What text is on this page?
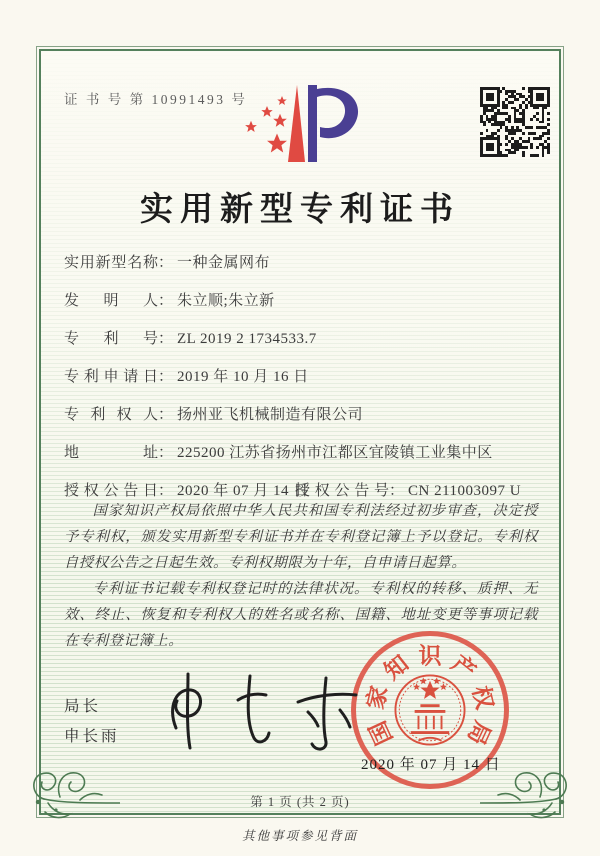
证 书 号 第 10991493 号
实用新型专利证书
实用新型名称： 一种金属网布
发明人： 朱立顺;朱立新
专利号： ZL 2019 2 1734533.7
专利申请日： 2019 年 10 月 16 日
专利权人： 扬州亚飞机械制造有限公司
地址： 225200 江苏省扬州市江都区宜陵镇工业集中区
授权公告日： 2020 年 07 月 14 日
授权公告号： CN 211003097 U

国家知识产权局依照中华人民共和国专利法经过初步审查，决定授予专利权，颁发实用新型专利证书并在专利登记簿上予以登记。专利权自授权公告之日起生效。专利权期限为十年，自申请日起算。

专利证书记载专利权登记时的法律状况。专利权的转移、质押、无效、终止、恢复和专利权人的姓名或名称、国籍、地址变更等事项记载在专利登记簿上。

局长
申长雨	国
家
知 识 产
权
局
2020 年 07 月 14 日
第 1 页 (共 2 页)
其他事项参见背面
